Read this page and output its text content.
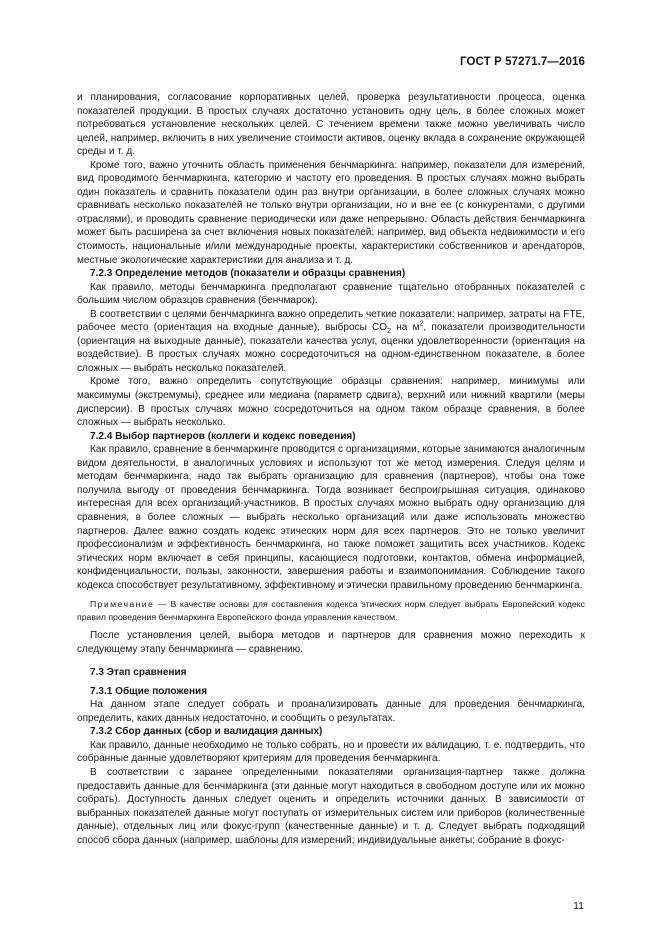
ГОСТ Р 57271.7—2016

и планирования, согласование корпоративных целей, проверка результативности процесса, оценка показателей продукции. В простых случаях достаточно установить одну цель, в более сложных может потребоваться установление нескольких целей. С течением времени также можно увеличивать число целей, например, включить в них увеличение стоимости активов, оценку вклада в сохранение окружающей среды и т. д.

Кроме того, важно уточнить область применения бенчмаркинга: например, показатели для измерений, вид проводимого бенчмаркинга, категорию и частоту его проведения. В простых случаях можно выбрать один показатель и сравнить показатели один раз внутри организации, в более сложных случаях можно сравнивать несколько показателей не только внутри организации, но и вне ее (с конкурентами, с другими отраслями), и проводить сравнение периодически или даже непрерывно. Область действия бенчмаркинга может быть расширена за счет включения новых показателей: например, вид объекта недвижимости и его стоимость, национальные и/или международные проекты, характеристики собственников и арендаторов, местные экологические характеристики для анализа и т. д.

7.2.3 Определение методов (показатели и образцы сравнения)

Как правило, методы бенчмаркинга предполагают сравнение тщательно отобранных показателей с большим числом образцов сравнения (бенчмарок).

В соответствии с целями бенчмаркинга важно определить четкие показатели: например, затраты на FTE, рабочее место (ориентация на входные данные), выбросы $CO_2$ на $м^2$, показатели производительности (ориентация на выходные данные), показатели качества услуг, оценки удовлетворенности (ориентация на воздействие). В простых случаях можно сосредоточиться на одном-единственном показателе, в более сложных — выбрать несколько показателей.

Кроме того, важно определить сопутствующие образцы сравнения: например, минимумы или максимумы (экстремумы), среднее или медиана (параметр сдвига), верхний или нижний квартили (меры дисперсии). В простых случаях можно сосредоточиться на одном таком образце сравнения, в более сложных — выбрать несколько.

7.2.4 Выбор партнеров (коллеги и кодекс поведения)

Как правило, сравнение в бенчмаркинге проводится с организациями, которые занимаются аналогичным видом деятельности, в аналогичных условиях и используют тот же метод измерения. Следуя целям и методам бенчмаркинга, надо так выбрать организацию для сравнения (партнеров), чтобы она тоже получила выгоду от проведения бенчмаркинга. Тогда возникает беспроигрышная ситуация, одинаково интересная для всех организаций-участников. В простых случаях можно выбрать одну организацию для сравнения, в более сложных — выбрать несколько организаций или даже использовать множество партнеров. Далее важно создать кодекс этических норм для всех партнеров. Это не только увеличит профессионализм и эффективность бенчмаркинга, но также поможет защитить всех участников. Кодекс этических норм включает в себя принципы, касающиеся подготовки, контактов, обмена информацией, конфиденциальности, пользы, законности, завершения работы и взаимопонимания. Соблюдение такого кодекса способствует результативному, эффективному и этически правильному проведению бенчмаркинга.

Примечание — В качестве основы для составления кодекса этических норм следует выбрать Европейский кодекс правил проведения бенчмаркинга Европейского фонда управления качеством.

После установления целей, выбора методов и партнеров для сравнения можно переходить к следующему этапу бенчмаркинга — сравнению.

7.3 Этап сравнения

7.3.1 Общие положения

На данном этапе следует собрать и проанализировать данные для проведения бенчмаркинга, определить, каких данных недостаточно, и сообщить о результатах.

7.3.2 Сбор данных (сбор и валидация данных)

Как правило, данные необходимо не только собрать, но и провести их валидацию, т. е. подтвердить, что собранные данные удовлетворяют критериям для проведения бенчмаркинга.

В соответствии с заранее определенными показателями организация-партнер также должна предоставить данные для бенчмаркинга (эти данные могут находиться в свободном доступе или их можно собрать). Доступность данных следует оценить и определить источники данных. В зависимости от выбранных показателей данные могут поступать от измерительных систем или приборов (количественные данные), отдельных лиц или фокус-групп (качественные данные) и т. д. Следует выбрать подходящий способ сбора данных (например, шаблоны для измерений; индивидуальные анкеты; собрание в фокус-

11
